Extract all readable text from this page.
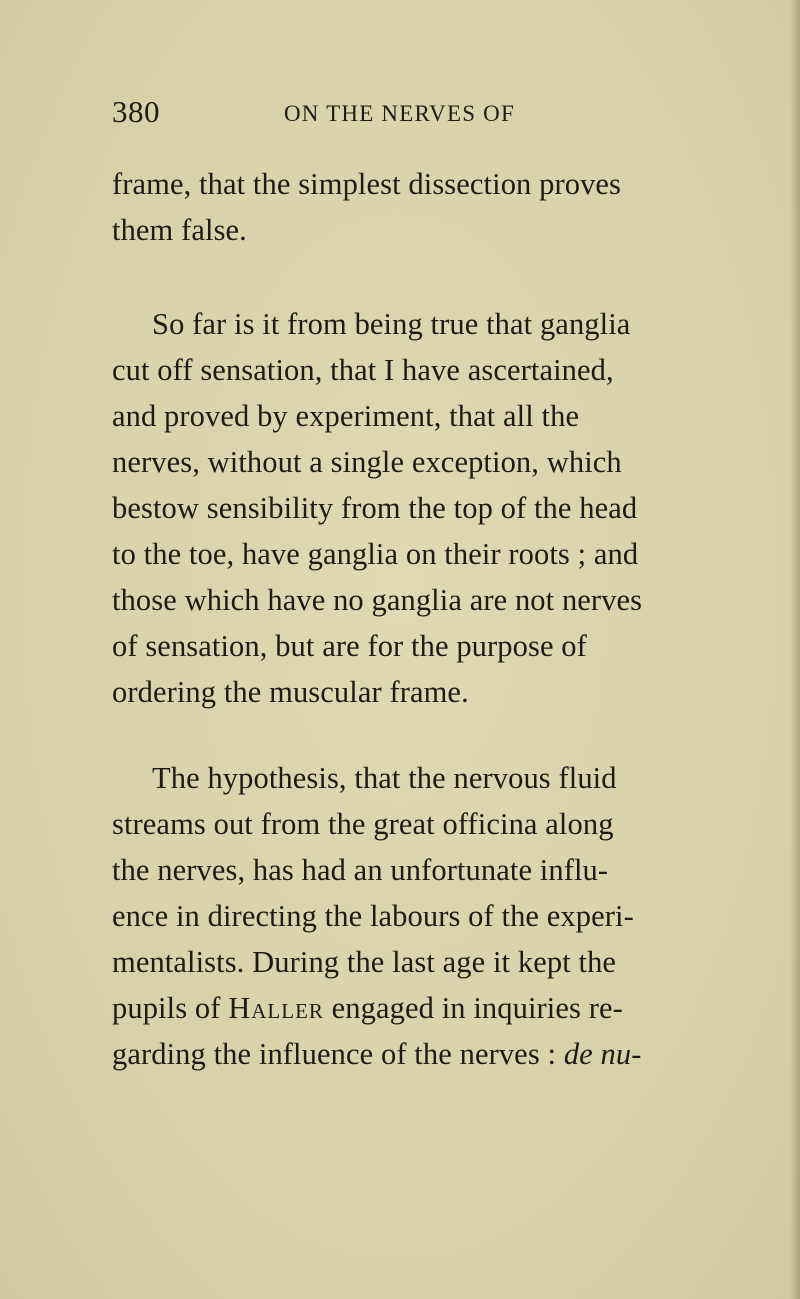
380	ON THE NERVES OF
frame, that the simplest dissection proves
them false.
So far is it from being true that ganglia
cut off sensation, that I have ascertained,
and proved by experiment, that all the
nerves, without a single exception, which
bestow sensibility from the top of the head
to the toe, have ganglia on their roots ; and
those which have no ganglia are not nerves
of sensation, but are for the purpose of
ordering the muscular frame.
The hypothesis, that the nervous fluid
streams out from the great officina along
the nerves, has had an unfortunate influ-
ence in directing the labours of the experi-
mentalists. During the last age it kept the
pupils of Haller engaged in inquiries re-
garding the influence of the nerves : de nu-
